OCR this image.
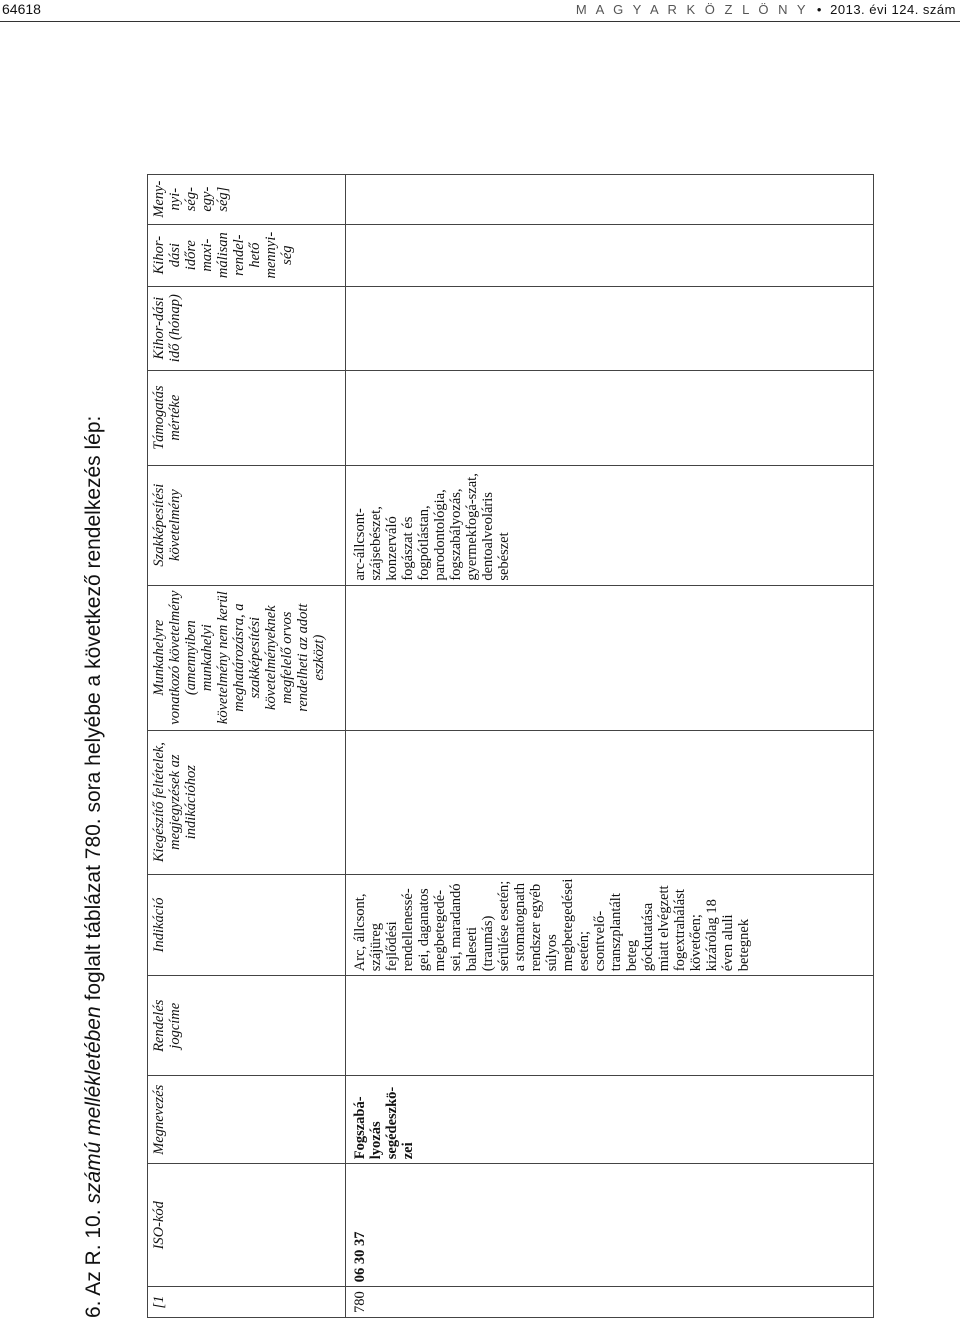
64618	M A G Y A R K Ö Z L Ö N Y • 2013. évi 124. szám
6. Az R. 10. számú mellékletében foglalt táblázat 780. sora helyébe a következő rendelkezés lép:
[1	ISO-kód	Megnevezés	Rendelés jogcíme	Indikáció	Kiegészítő feltételek, megjegyzések az indikációhoz	Munkahelyre vonatkozó követelmény (amennyiben munkahelyi követelmény nem kerül meghatározásra, a szakképesítési követelményeknek megfelelő orvos rendelheti az adott eszközt)	Szakképesítési követelmény	Támogatás mértéke	Kihor-dási idő (hónap)	Kihor-dási időre maxi-málisan rendel-hető mennyi-ség	Meny-nyi-ség-egy-ség]
780	06 30 37	Fogszabá-lyozás segédeszkö-zei		Arc, állcsont, szájüreg fejlődési rendellenessé-gei, daganatos megbetegedé-sei, maradandó baleseti (traumás) sérülése esetén; a stomatognath rendszer egyéb súlyos megbetegedései esetén; csontvelő-transzplantált beteg góckutatása miatt elvégzett fogextrahálást követően; kizárólag 18 éven aluli betegnek			arc-állcsont-szájsebészet, konzerváló fogászat és fogpótlástan, parodontológia, fogszabályozás, gyermekfogá-szat, dentoalveoláris sebészet				
